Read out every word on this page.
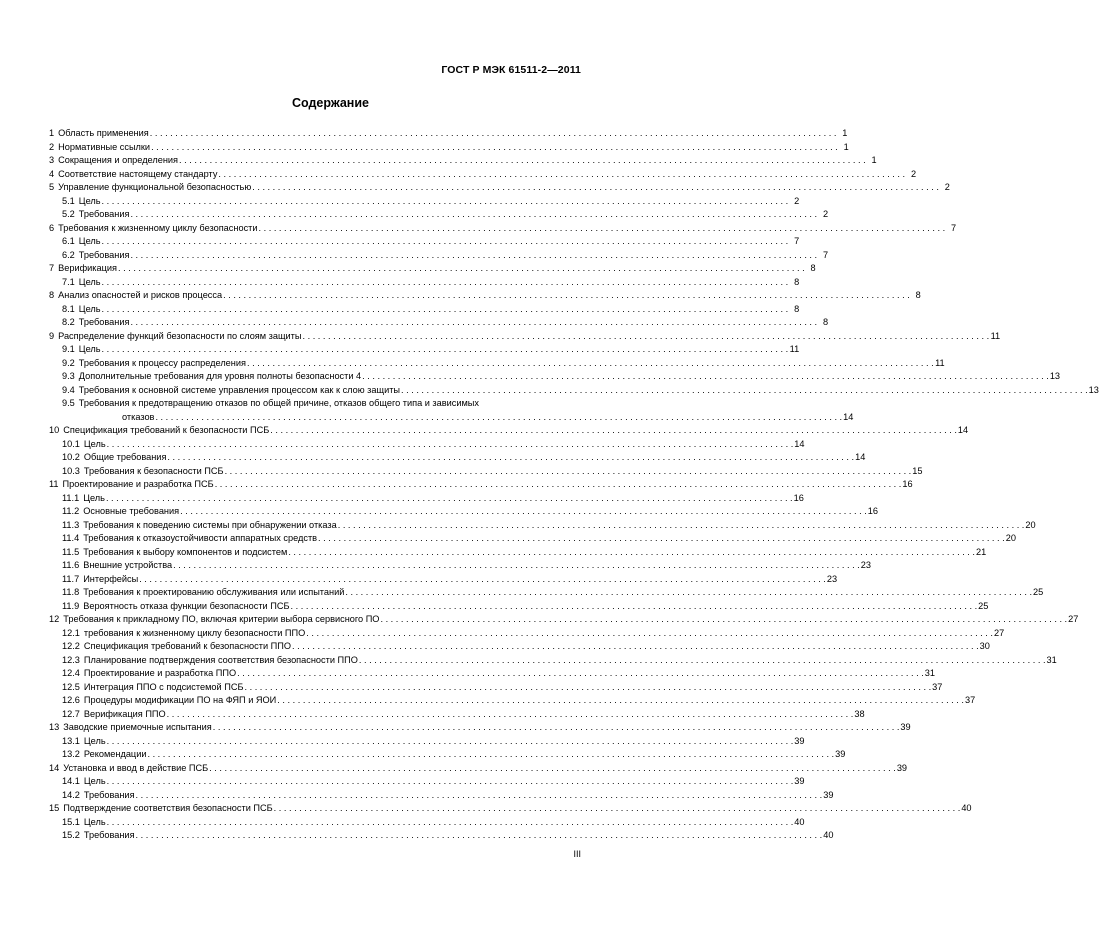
ГОСТ Р МЭК 61511-2—2011
Содержание
1 Область применения . . .	1
2 Нормативные ссылки . . .	1
3 Сокращения и определения . . .	1
4 Соответствие настоящему стандарту . . .	2
5 Управление функциональной безопасностью . . .	2
5.1 Цель . . .	2
5.2 Требования . . .	2
6 Требования к жизненному циклу безопасности . . .	7
6.1 Цель . . .	7
6.2 Требования . . .	7
7 Верификация . . .	8
7.1 Цель . . .	8
8 Анализ опасностей и рисков процесса . . .	8
8.1 Цель . . .	8
8.2 Требования . . .	8
9 Распределение функций безопасности по слоям защиты . . .	11
9.1 Цель . . .	11
9.2 Требования к процессу распределения . . .	11
9.3 Дополнительные требования для уровня полноты безопасности 4 . . .	13
9.4 Требования к основной системе управления процессом как к слою защиты . . .	13
9.5 Требования к предотвращению отказов по общей причине, отказов общего типа и зависимых
отказов . . .	14
10 Спецификация требований к безопасности ПСБ . . .	14
10.1 Цель . . .	14
10.2 Общие требования . . .	14
10.3 Требования к безопасности ПСБ . . .	15
11 Проектирование и разработка ПСБ . . .	16
11.1 Цель . . .	16
11.2 Основные требования . . .	16
11.3 Требования к поведению системы при обнаружении отказа . . .	20
11.4 Требования к отказоустойчивости аппаратных средств . . .	20
11.5 Требования к выбору компонентов и подсистем . . .	21
11.6 Внешние устройства . . .	23
11.7 Интерфейсы . . .	23
11.8 Требования к проектированию обслуживания или испытаний . . .	25
11.9 Вероятность отказа функции безопасности ПСБ . . .	25
12 Требования к прикладному ПО, включая критерии выбора сервисного ПО . . .	27
12.1 требования к жизненному циклу безопасности ППО . . .	27
12.2 Спецификация требований к безопасности ППО . . .	30
12.3 Планирование подтверждения соответствия безопасности ППО . . .	31
12.4 Проектирование и разработка ППО . . .	31
12.5 Интеграция ППО с подсистемой ПСБ . . .	37
12.6 Процедуры модификации ПО на ФЯП и ЯОИ . . .	37
12.7 Верификация ППО . . .	38
13 Заводские приемочные испытания . . .	39
13.1 Цель . . .	39
13.2 Рекомендации . . .	39
14 Установка и ввод в действие ПСБ . . .	39
14.1 Цель . . .	39
14.2 Требования . . .	39
15 Подтверждение соответствия безопасности ПСБ . . .	40
15.1 Цель . . .	40
15.2 Требования . . .	40
III
